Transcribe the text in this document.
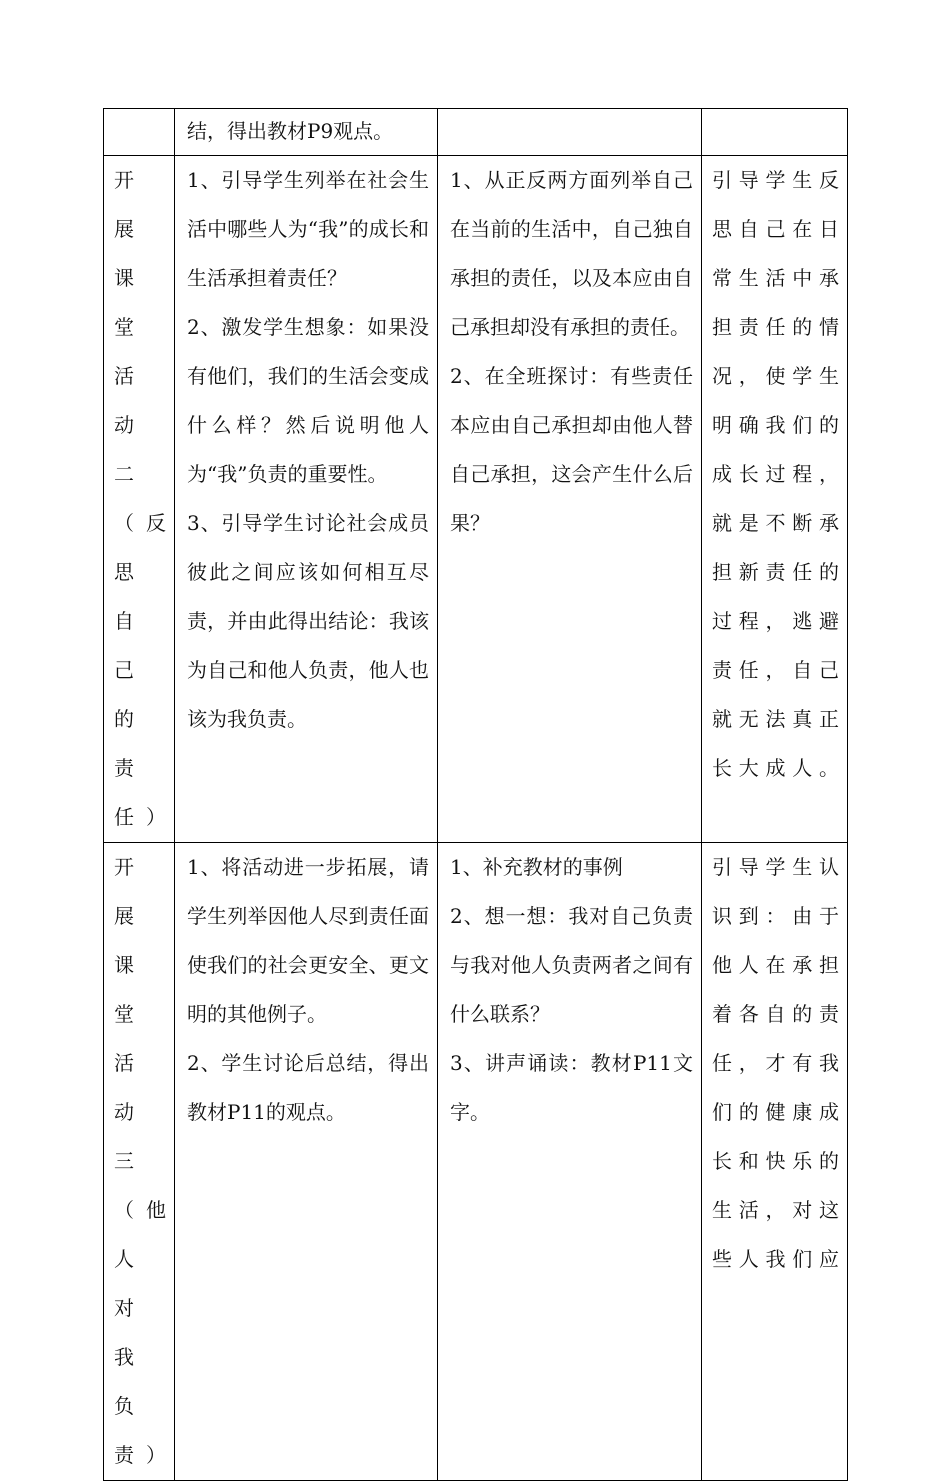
	结，得出教材P9观点。		

开展课堂活动二（反思自己的责任）	1、引导学生列举在社会生活中哪些人为“我”的成长和生活承担着责任？
2、激发学生想象：如果没有他们，我们的生活会变成什么样？然后说明他人为“我”负责的重要性。
3、引导学生讨论社会成员彼此之间应该如何相互尽责，并由此得出结论：我该为自己和他人负责，他人也该为我负责。	1、从正反两方面列举自己在当前的生活中，自己独自承担的责任，以及本应由自己承担却没有承担的责任。
2、在全班探讨：有些责任本应由自己承担却由他人替自己承担，这会产生什么后果？	引导学生反思自己在日常生活中承担责任的情况，使学生明确我们的成长过程，就是不断承担新责任的过程，逃避责任，自己就无法真正长大成人。

开展课堂活动三（他人对我负责）	1、将活动进一步拓展，请学生列举因他人尽到责任面使我们的社会更安全、更文明的其他例子。
2、学生讨论后总结，得出教材P11的观点。	1、补充教材的事例
2、想一想：我对自己负责与我对他人负责两者之间有什么联系？
3、讲声诵读：教材P11文字。	引导学生认识到：由于他人在承担着各自的责任，才有我们的健康成长和快乐的生活，对这些人我们应
